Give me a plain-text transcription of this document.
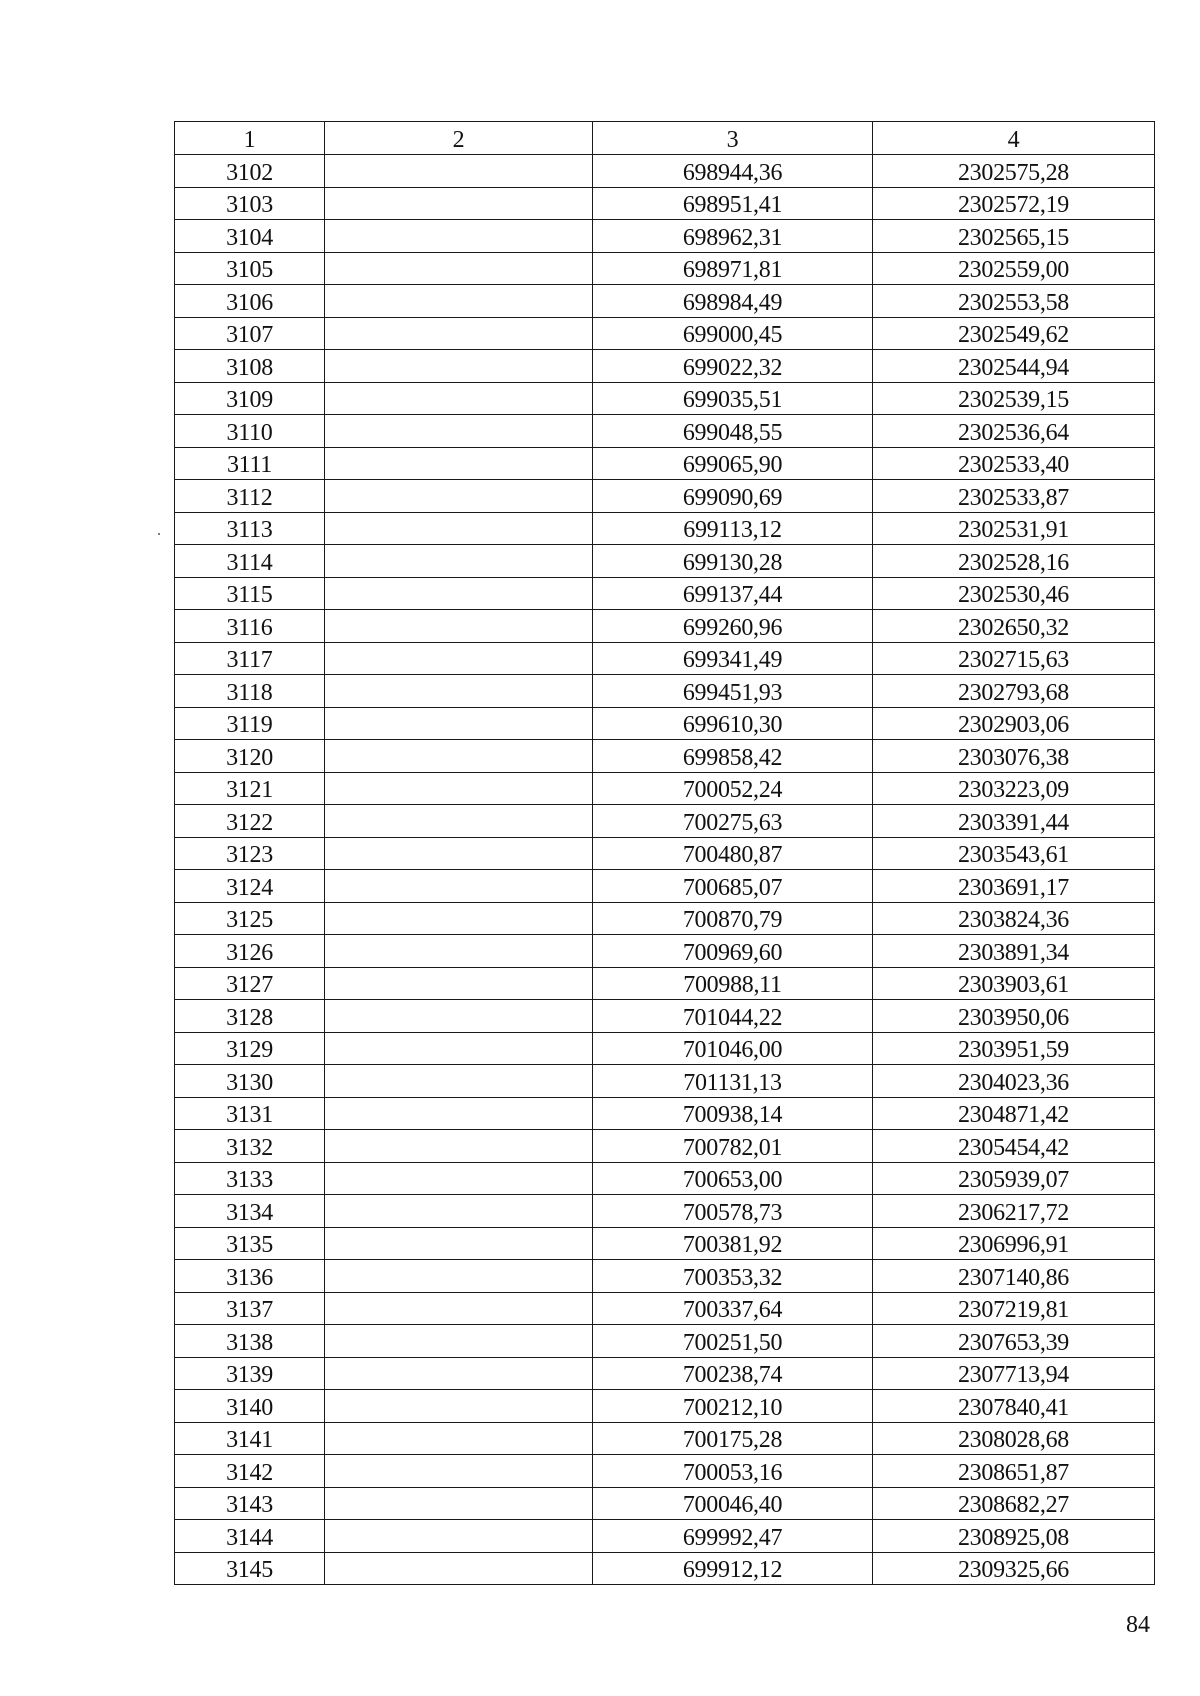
1	2	3	4
3102		698944,36	2302575,28
3103		698951,41	2302572,19
3104		698962,31	2302565,15
3105		698971,81	2302559,00
3106		698984,49	2302553,58
3107		699000,45	2302549,62
3108		699022,32	2302544,94
3109		699035,51	2302539,15
3110		699048,55	2302536,64
3111		699065,90	2302533,40
3112		699090,69	2302533,87
3113		699113,12	2302531,91
3114		699130,28	2302528,16
3115		699137,44	2302530,46
3116		699260,96	2302650,32
3117		699341,49	2302715,63
3118		699451,93	2302793,68
3119		699610,30	2302903,06
3120		699858,42	2303076,38
3121		700052,24	2303223,09
3122		700275,63	2303391,44
3123		700480,87	2303543,61
3124		700685,07	2303691,17
3125		700870,79	2303824,36
3126		700969,60	2303891,34
3127		700988,11	2303903,61
3128		701044,22	2303950,06
3129		701046,00	2303951,59
3130		701131,13	2304023,36
3131		700938,14	2304871,42
3132		700782,01	2305454,42
3133		700653,00	2305939,07
3134		700578,73	2306217,72
3135		700381,92	2306996,91
3136		700353,32	2307140,86
3137		700337,64	2307219,81
3138		700251,50	2307653,39
3139		700238,74	2307713,94
3140		700212,10	2307840,41
3141		700175,28	2308028,68
3142		700053,16	2308651,87
3143		700046,40	2308682,27
3144		699992,47	2308925,08
3145		699912,12	2309325,66
84
